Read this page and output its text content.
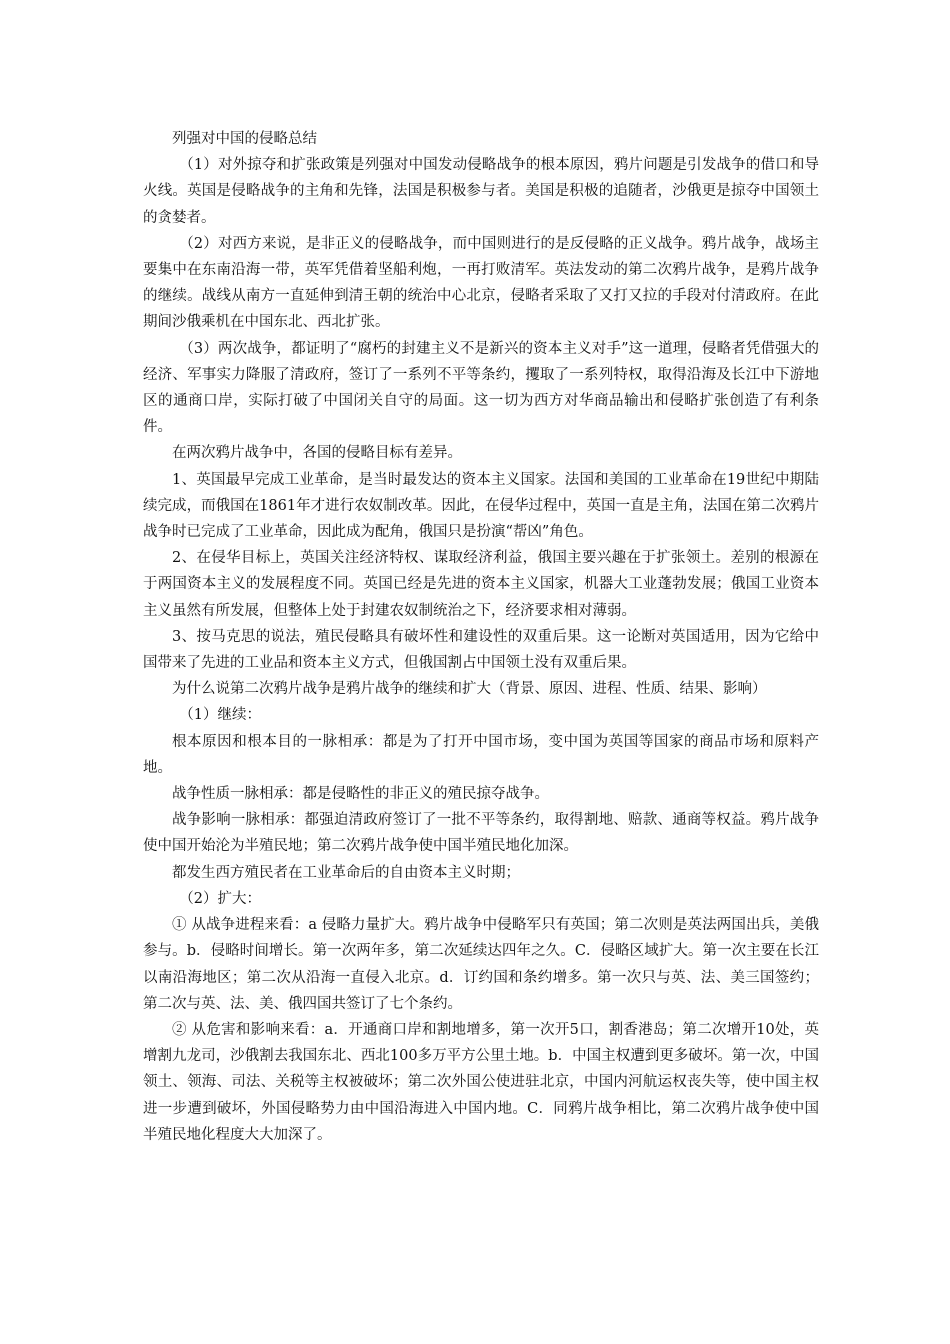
列强对中国的侵略总结

（1）对外掠夺和扩张政策是列强对中国发动侵略战争的根本原因，鸦片问题是引发战争的借口和导火线。英国是侵略战争的主角和先锋，法国是积极参与者。美国是积极的追随者，沙俄更是掠夺中国领土的贪婪者。

（2）对西方来说，是非正义的侵略战争，而中国则进行的是反侵略的正义战争。鸦片战争，战场主要集中在东南沿海一带，英军凭借着坚船利炮，一再打败清军。英法发动的第二次鸦片战争，是鸦片战争的继续。战线从南方一直延伸到清王朝的统治中心北京，侵略者采取了又打又拉的手段对付清政府。在此期间沙俄乘机在中国东北、西北扩张。

（3）两次战争，都证明了“腐朽的封建主义不是新兴的资本主义对手”这一道理，侵略者凭借强大的经济、军事实力降服了清政府，签订了一系列不平等条约，攫取了一系列特权，取得沿海及长江中下游地区的通商口岸，实际打破了中国闭关自守的局面。这一切为西方对华商品输出和侵略扩张创造了有利条件。

在两次鸦片战争中，各国的侵略目标有差异。

1、英国最早完成工业革命，是当时最发达的资本主义国家。法国和美国的工业革命在19世纪中期陆续完成，而俄国在1861年才进行农奴制改革。因此，在侵华过程中，英国一直是主角，法国在第二次鸦片战争时已完成了工业革命，因此成为配角，俄国只是扮演“帮凶”角色。

2、在侵华目标上，英国关注经济特权、谋取经济利益，俄国主要兴趣在于扩张领土。差别的根源在于两国资本主义的发展程度不同。英国已经是先进的资本主义国家，机器大工业蓬勃发展；俄国工业资本主义虽然有所发展，但整体上处于封建农奴制统治之下，经济要求相对薄弱。

3、按马克思的说法，殖民侵略具有破坏性和建设性的双重后果。这一论断对英国适用，因为它给中国带来了先进的工业品和资本主义方式，但俄国割占中国领土没有双重后果。

为什么说第二次鸦片战争是鸦片战争的继续和扩大（背景、原因、进程、性质、结果、影响）

（1）继续：

根本原因和根本目的一脉相承：都是为了打开中国市场，变中国为英国等国家的商品市场和原料产地。

战争性质一脉相承：都是侵略性的非正义的殖民掠夺战争。

战争影响一脉相承：都强迫清政府签订了一批不平等条约，取得割地、赔款、通商等权益。鸦片战争使中国开始沦为半殖民地；第二次鸦片战争使中国半殖民地化加深。

都发生西方殖民者在工业革命后的自由资本主义时期；

（2）扩大：

① 从战争进程来看：a 侵略力量扩大。鸦片战争中侵略军只有英国；第二次则是英法两国出兵，美俄参与。b．侵略时间增长。第一次两年多，第二次延续达四年之久。C．侵略区域扩大。第一次主要在长江以南沿海地区；第二次从沿海一直侵入北京。d．订约国和条约增多。第一次只与英、法、美三国签约；第二次与英、法、美、俄四国共签订了七个条约。

② 从危害和影响来看：a．开通商口岸和割地增多，第一次开5口，割香港岛；第二次增开10处，英增割九龙司，沙俄割去我国东北、西北100多万平方公里土地。b．中国主权遭到更多破坏。第一次，中国领土、领海、司法、关税等主权被破坏；第二次外国公使进驻北京，中国内河航运权丧失等，使中国主权进一步遭到破坏，外国侵略势力由中国沿海进入中国内地。C．同鸦片战争相比，第二次鸦片战争使中国半殖民地化程度大大加深了。
